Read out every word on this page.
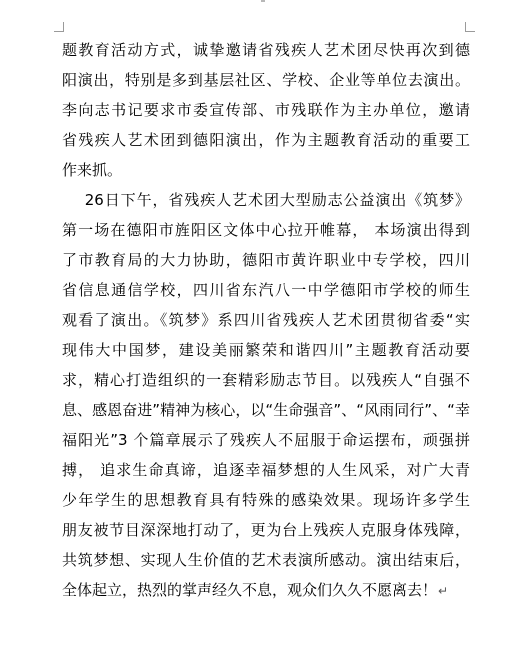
题教育活动方式，诚挚邀请省残疾人艺术团尽快再次到德
阳演出，特别是多到基层社区、学校、企业等单位去演出。
李向志书记要求市委宣传部、市残联作为主办单位，邀请
省残疾人艺术团到德阳演出，作为主题教育活动的重要工
作来抓。
26日下午，省残疾人艺术团大型励志公益演出《筑梦》
第一场在德阳市旌阳区文体中心拉开帷幕， 本场演出得到
了市教育局的大力协助，德阳市黄许职业中专学校，四川
省信息通信学校，四川省东汽八一中学德阳市学校的师生
观看了演出。《筑梦》系四川省残疾人艺术团贯彻省委“实
现伟大中国梦，建设美丽繁荣和谐四川”主题教育活动要
求，精心打造组织的一套精彩励志节目。以残疾人“自强不
息、感恩奋进”精神为核心，以“生命强音”、“风雨同行”、“幸
福阳光”3 个篇章展示了残疾人不屈服于命运摆布，顽强拼
搏， 追求生命真谛，追逐幸福梦想的人生风采，对广大青
少年学生的思想教育具有特殊的感染效果。现场许多学生
朋友被节目深深地打动了，更为台上残疾人克服身体残障，
共筑梦想、实现人生价值的艺术表演所感动。演出结束后，
全体起立，热烈的掌声经久不息，观众们久久不愿离去！↵
